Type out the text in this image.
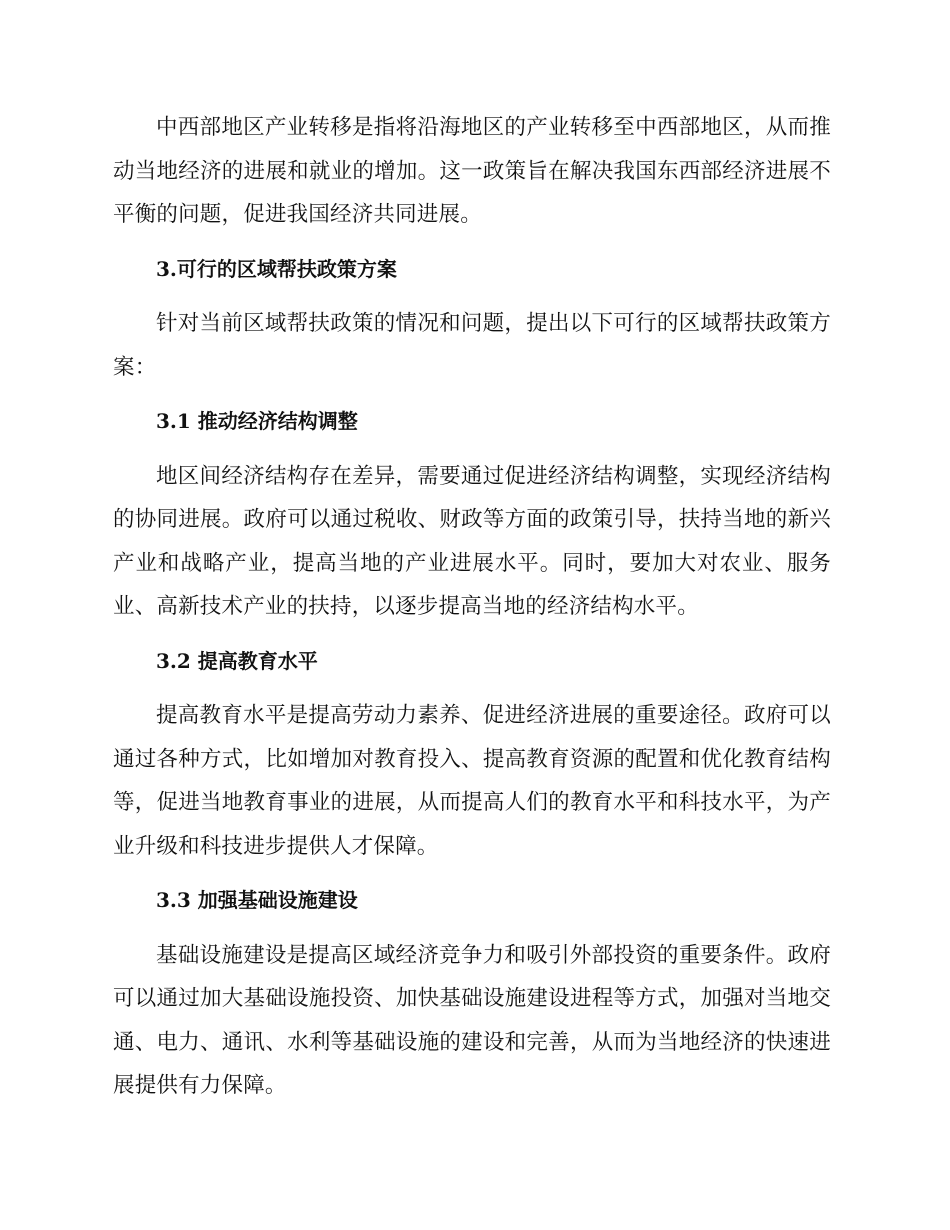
中西部地区产业转移是指将沿海地区的产业转移至中西部地区，从而推动当地经济的进展和就业的增加。这一政策旨在解决我国东西部经济进展不平衡的问题，促进我国经济共同进展。

3.可行的区域帮扶政策方案

针对当前区域帮扶政策的情况和问题，提出以下可行的区域帮扶政策方案：

3.1 推动经济结构调整

地区间经济结构存在差异，需要通过促进经济结构调整，实现经济结构的协同进展。政府可以通过税收、财政等方面的政策引导，扶持当地的新兴产业和战略产业，提高当地的产业进展水平。同时，要加大对农业、服务业、高新技术产业的扶持，以逐步提高当地的经济结构水平。

3.2 提高教育水平

提高教育水平是提高劳动力素养、促进经济进展的重要途径。政府可以通过各种方式，比如增加对教育投入、提高教育资源的配置和优化教育结构等，促进当地教育事业的进展，从而提高人们的教育水平和科技水平，为产业升级和科技进步提供人才保障。

3.3 加强基础设施建设

基础设施建设是提高区域经济竞争力和吸引外部投资的重要条件。政府可以通过加大基础设施投资、加快基础设施建设进程等方式，加强对当地交通、电力、通讯、水利等基础设施的建设和完善，从而为当地经济的快速进展提供有力保障。
